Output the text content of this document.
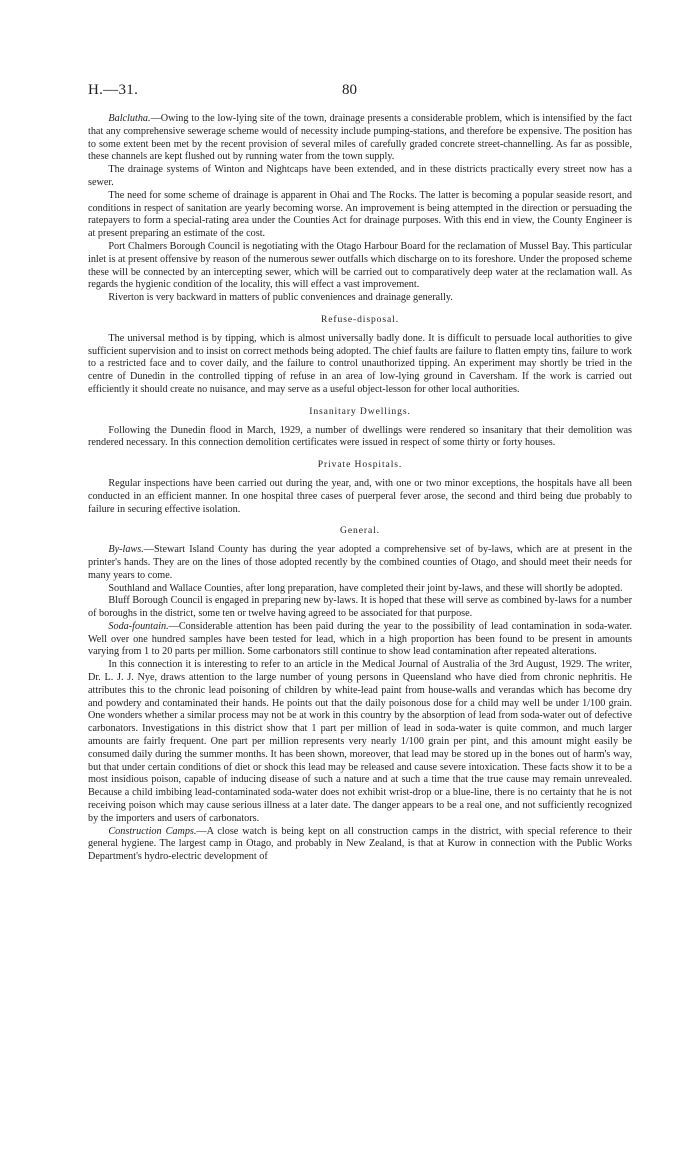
H.—31.	80

Balclutha.—Owing to the low-lying site of the town, drainage presents a considerable problem, which is intensified by the fact that any comprehensive sewerage scheme would of necessity include pumping-stations, and therefore be expensive. The position has to some extent been met by the recent provision of several miles of carefully graded concrete street-channelling. As far as possible, these channels are kept flushed out by running water from the town supply.

The drainage systems of Winton and Nightcaps have been extended, and in these districts practically every street now has a sewer.

The need for some scheme of drainage is apparent in Ohai and The Rocks. The latter is becoming a popular seaside resort, and conditions in respect of sanitation are yearly becoming worse. An improvement is being attempted in the direction or persuading the ratepayers to form a special-rating area under the Counties Act for drainage purposes. With this end in view, the County Engineer is at present preparing an estimate of the cost.

Port Chalmers Borough Council is negotiating with the Otago Harbour Board for the reclamation of Mussel Bay. This particular inlet is at present offensive by reason of the numerous sewer outfalls which discharge on to its foreshore. Under the proposed scheme these will be connected by an intercepting sewer, which will be carried out to comparatively deep water at the reclamation wall. As regards the hygienic condition of the locality, this will effect a vast improvement.

Riverton is very backward in matters of public conveniences and drainage generally.

Refuse-disposal.

The universal method is by tipping, which is almost universally badly done. It is difficult to persuade local authorities to give sufficient supervision and to insist on correct methods being adopted. The chief faults are failure to flatten empty tins, failure to work to a restricted face and to cover daily, and the failure to control unauthorized tipping. An experiment may shortly be tried in the centre of Dunedin in the controlled tipping of refuse in an area of low-lying ground in Caversham. If the work is carried out efficiently it should create no nuisance, and may serve as a useful object-lesson for other local authorities.

Insanitary Dwellings.

Following the Dunedin flood in March, 1929, a number of dwellings were rendered so insanitary that their demolition was rendered necessary. In this connection demolition certificates were issued in respect of some thirty or forty houses.

Private Hospitals.

Regular inspections have been carried out during the year, and, with one or two minor exceptions, the hospitals have all been conducted in an efficient manner. In one hospital three cases of puerperal fever arose, the second and third being due probably to failure in securing effective isolation.

General.

By-laws.—Stewart Island County has during the year adopted a comprehensive set of by-laws, which are at present in the printer's hands. They are on the lines of those adopted recently by the combined counties of Otago, and should meet their needs for many years to come.

Southland and Wallace Counties, after long preparation, have completed their joint by-laws, and these will shortly be adopted.

Bluff Borough Council is engaged in preparing new by-laws. It is hoped that these will serve as combined by-laws for a number of boroughs in the district, some ten or twelve having agreed to be associated for that purpose.

Soda-fountain.—Considerable attention has been paid during the year to the possibility of lead contamination in soda-water. Well over one hundred samples have been tested for lead, which in a high proportion has been found to be present in amounts varying from 1 to 20 parts per million. Some carbonators still continue to show lead contamination after repeated alterations.

In this connection it is interesting to refer to an article in the Medical Journal of Australia of the 3rd August, 1929. The writer, Dr. L. J. J. Nye, draws attention to the large number of young persons in Queensland who have died from chronic nephritis. He attributes this to the chronic lead poisoning of children by white-lead paint from house-walls and verandas which has become dry and powdery and contaminated their hands. He points out that the daily poisonous dose for a child may well be under 1/100 grain. One wonders whether a similar process may not be at work in this country by the absorption of lead from soda-water out of defective carbonators. Investigations in this district show that 1 part per million of lead in soda-water is quite common, and much larger amounts are fairly frequent. One part per million represents very nearly 1/100 grain per pint, and this amount might easily be consumed daily during the summer months. It has been shown, moreover, that lead may be stored up in the bones out of harm's way, but that under certain conditions of diet or shock this lead may be released and cause severe intoxication. These facts show it to be a most insidious poison, capable of inducing disease of such a nature and at such a time that the true cause may remain unrevealed. Because a child imbibing lead-contaminated soda-water does not exhibit wrist-drop or a blue-line, there is no certainty that he is not receiving poison which may cause serious illness at a later date. The danger appears to be a real one, and not sufficiently recognized by the importers and users of carbonators.

Construction Camps.—A close watch is being kept on all construction camps in the district, with special reference to their general hygiene. The largest camp in Otago, and probably in New Zealand, is that at Kurow in connection with the Public Works Department's hydro-electric development of
